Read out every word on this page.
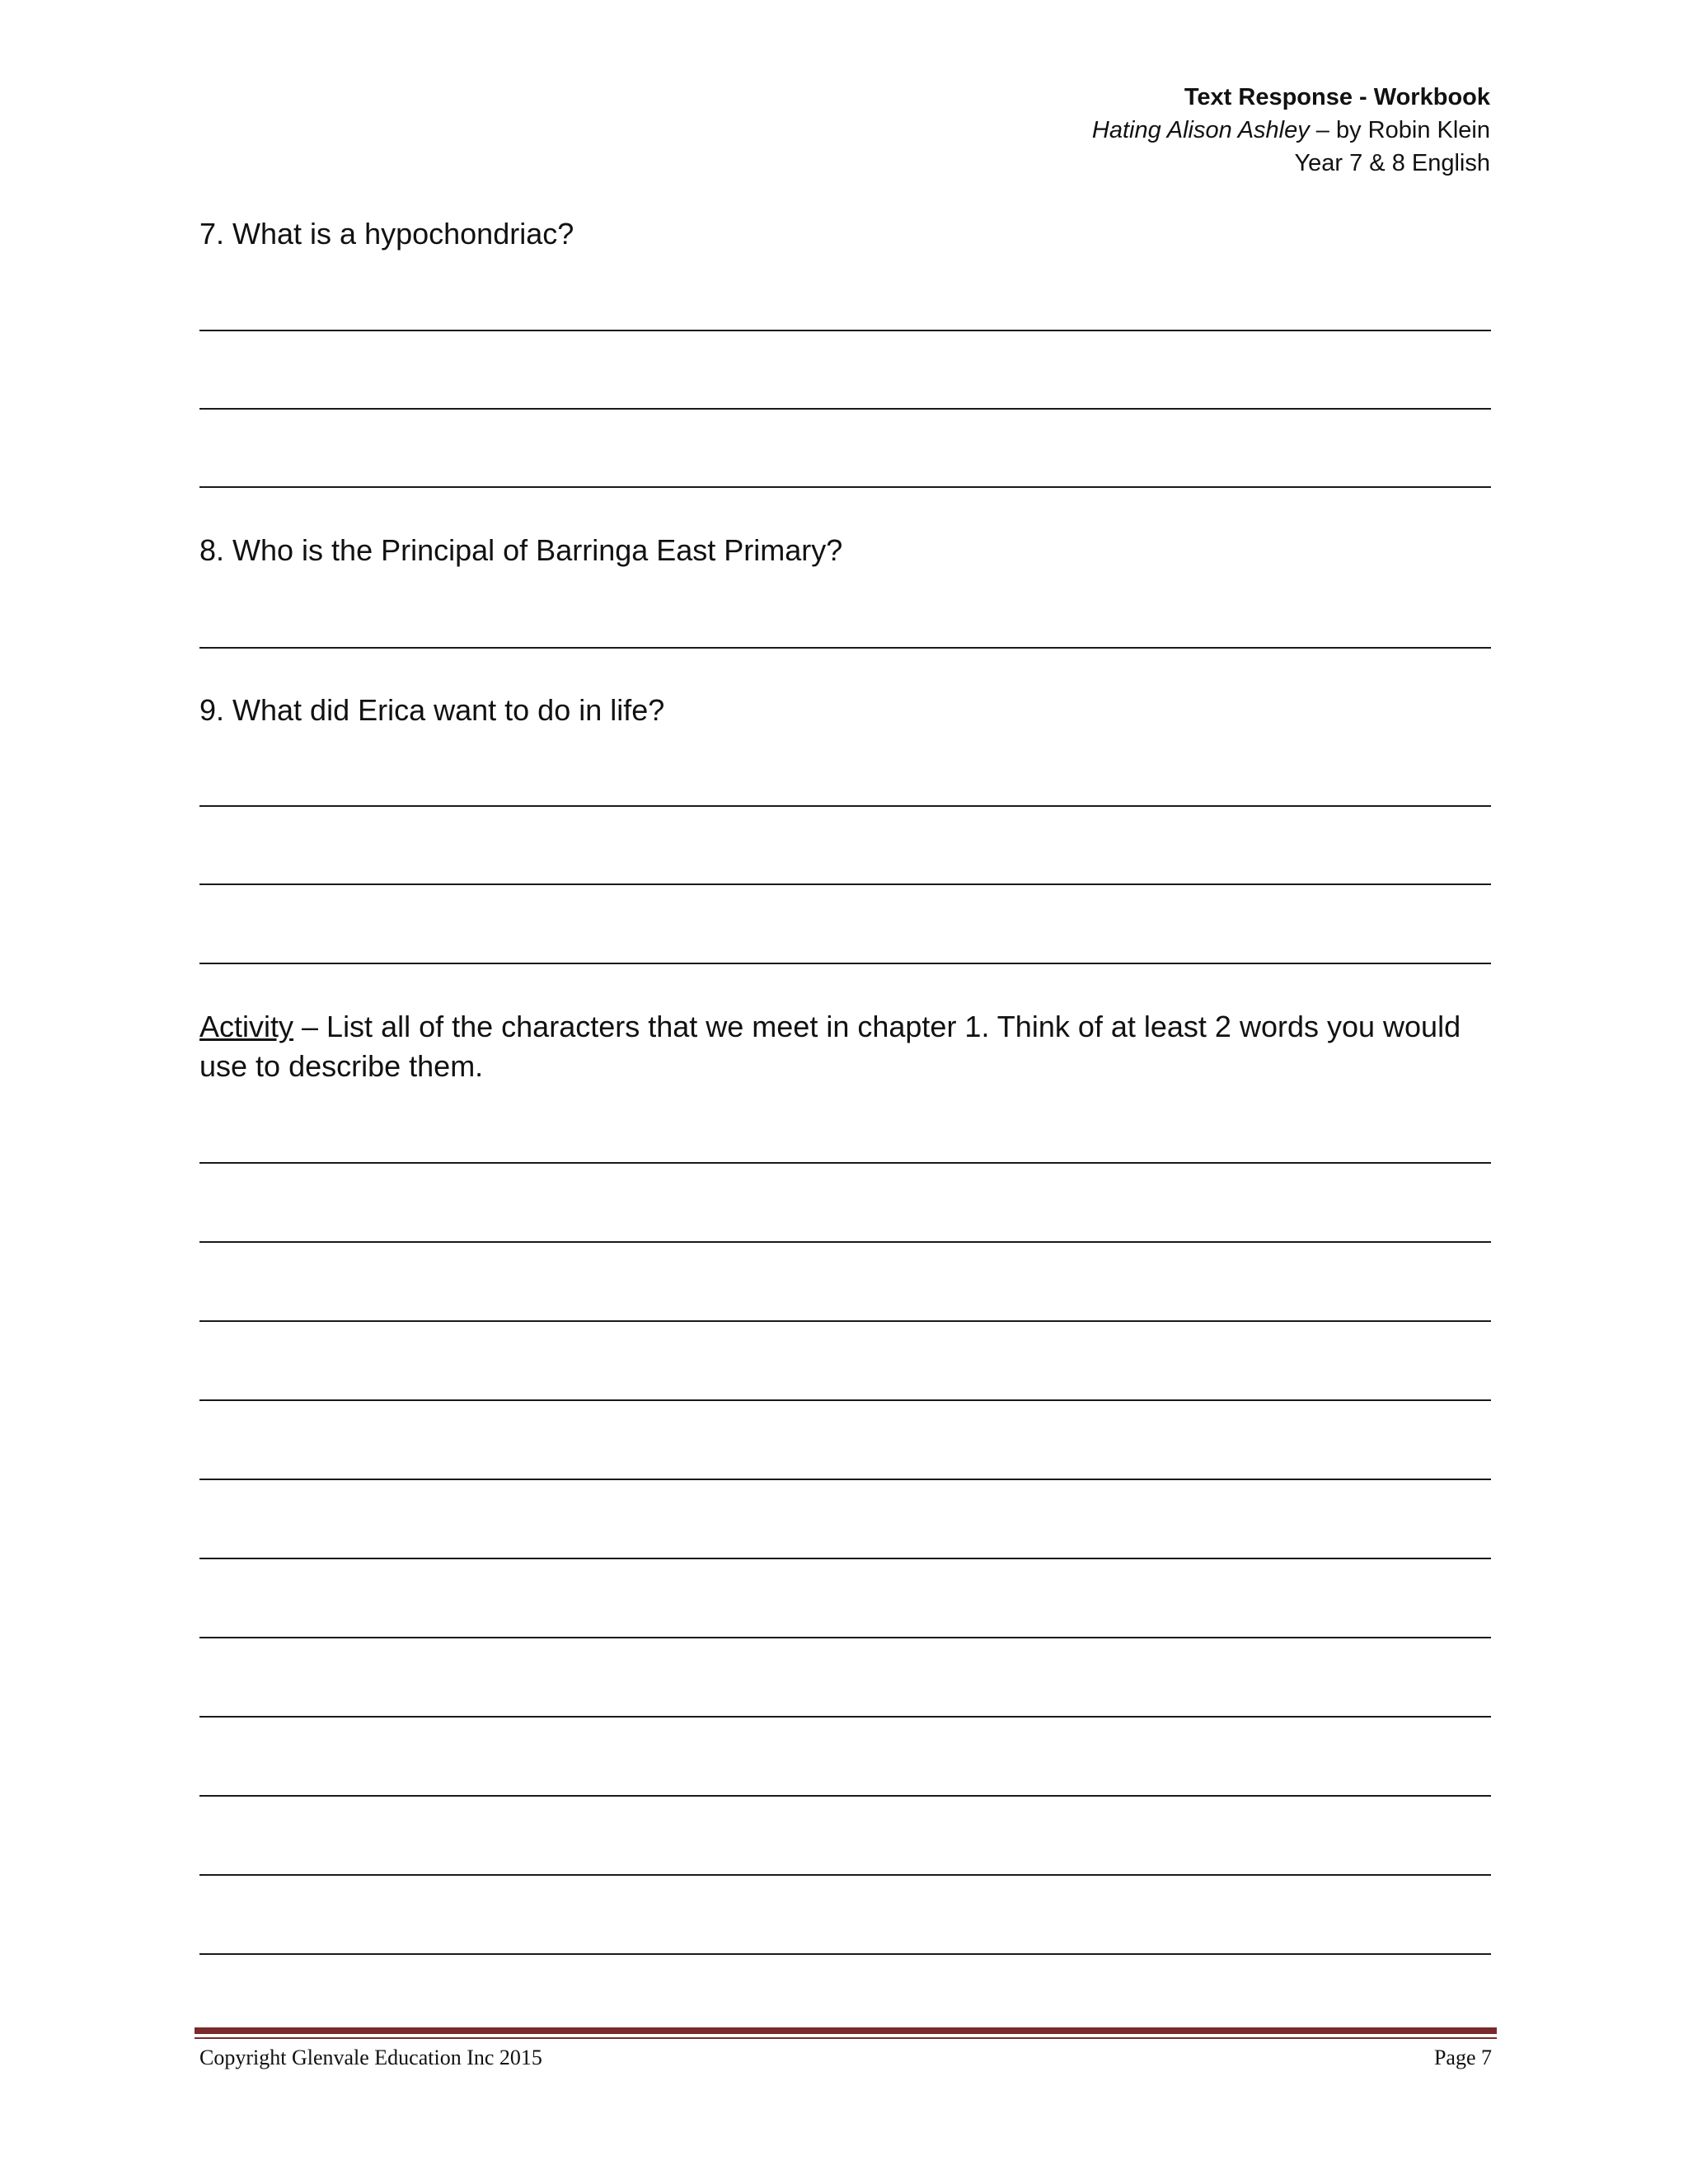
Text Response - Workbook
Hating Alison Ashley – by Robin Klein
Year 7 & 8 English
7. What is a hypochondriac?
8. Who is the Principal of Barringa East Primary?
9. What did Erica want to do in life?
Activity – List all of the characters that we meet in chapter 1. Think of at least 2 words you would use to describe them.
Copyright Glenvale Education Inc 2015	Page 7
